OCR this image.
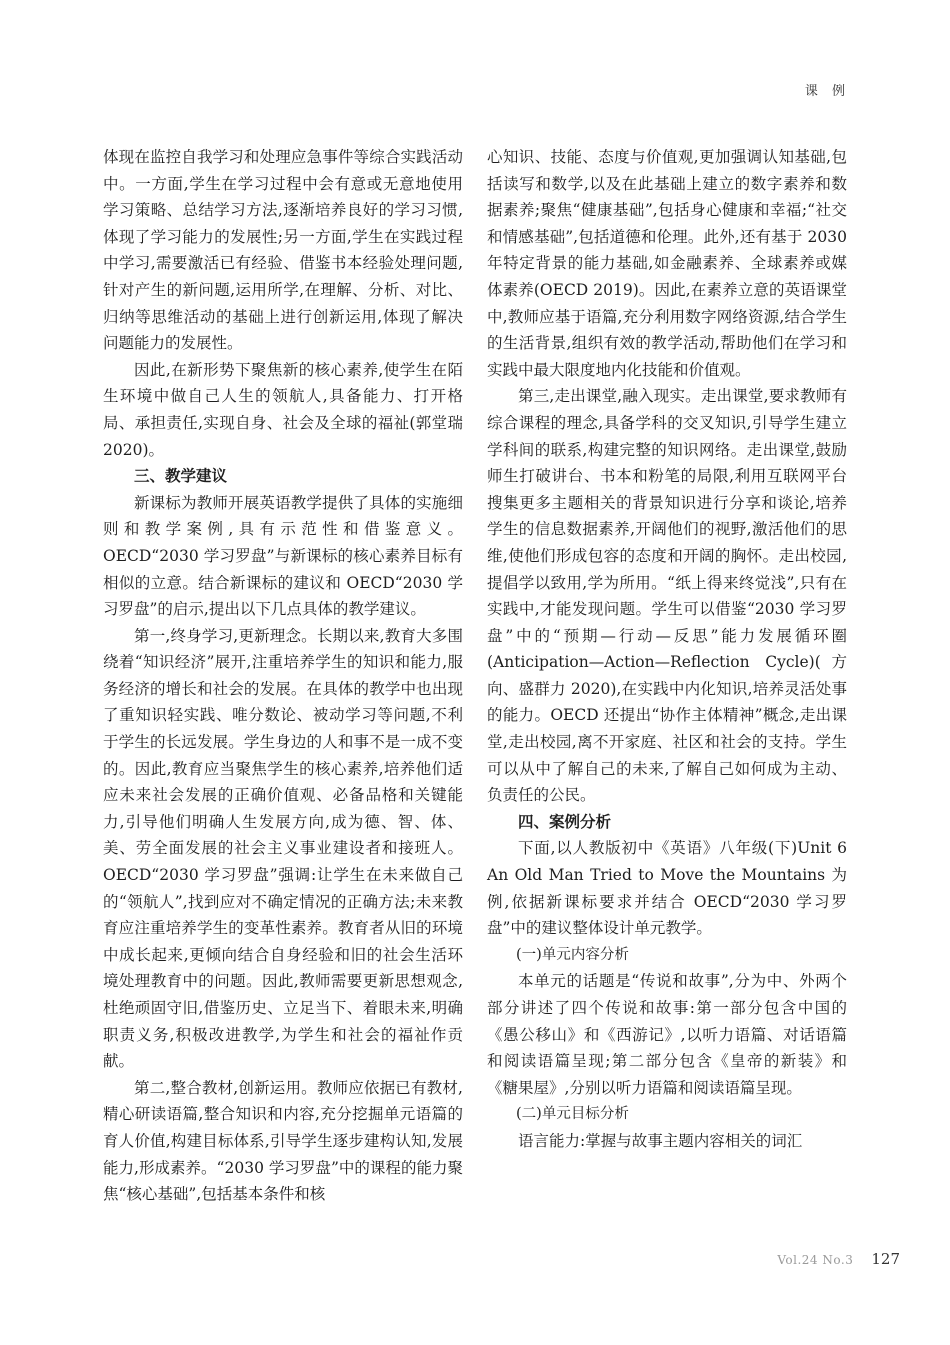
课 例

体现在监控自我学习和处理应急事件等综合实践活动中。一方面,学生在学习过程中会有意或无意地使用学习策略、总结学习方法,逐渐培养良好的学习习惯,体现了学习能力的发展性;另一方面,学生在实践过程中学习,需要激活已有经验、借鉴书本经验处理问题,针对产生的新问题,运用所学,在理解、分析、对比、归纳等思维活动的基础上进行创新运用,体现了解决问题能力的发展性。

因此,在新形势下聚焦新的核心素养,使学生在陌生环境中做自己人生的领航人,具备能力、打开格局、承担责任,实现自身、社会及全球的福祉(郭堂瑞 2020)。

三、教学建议

新课标为教师开展英语教学提供了具体的实施细则和教学案例,具有示范性和借鉴意义。OECD“2030 学习罗盘”与新课标的核心素养目标有相似的立意。结合新课标的建议和 OECD“2030 学习罗盘”的启示,提出以下几点具体的教学建议。

第一,终身学习,更新理念。长期以来,教育大多围绕着“知识经济”展开,注重培养学生的知识和能力,服务经济的增长和社会的发展。在具体的教学中也出现了重知识轻实践、唯分数论、被动学习等问题,不利于学生的长远发展。学生身边的人和事不是一成不变的。因此,教育应当聚焦学生的核心素养,培养他们适应未来社会发展的正确价值观、必备品格和关键能力,引导他们明确人生发展方向,成为德、智、体、美、劳全面发展的社会主义事业建设者和接班人。OECD“2030 学习罗盘”强调:让学生在未来做自己的“领航人”,找到应对不确定情况的正确方法;未来教育应注重培养学生的变革性素养。教育者从旧的环境中成长起来,更倾向结合自身经验和旧的社会生活环境处理教育中的问题。因此,教师需要更新思想观念,杜绝顽固守旧,借鉴历史、立足当下、着眼未来,明确职责义务,积极改进教学,为学生和社会的福祉作贡献。

第二,整合教材,创新运用。教师应依据已有教材,精心研读语篇,整合知识和内容,充分挖掘单元语篇的育人价值,构建目标体系,引导学生逐步建构认知,发展能力,形成素养。“2030 学习罗盘”中的课程的能力聚焦“核心基础”,包括基本条件和核

心知识、技能、态度与价值观,更加强调认知基础,包括读写和数学,以及在此基础上建立的数字素养和数据素养;聚焦“健康基础”,包括身心健康和幸福;“社交和情感基础”,包括道德和伦理。此外,还有基于 2030 年特定背景的能力基础,如金融素养、全球素养或媒体素养(OECD 2019)。因此,在素养立意的英语课堂中,教师应基于语篇,充分利用数字网络资源,结合学生的生活背景,组织有效的教学活动,帮助他们在学习和实践中最大限度地内化技能和价值观。

第三,走出课堂,融入现实。走出课堂,要求教师有综合课程的理念,具备学科的交叉知识,引导学生建立学科间的联系,构建完整的知识网络。走出课堂,鼓励师生打破讲台、书本和粉笔的局限,利用互联网平台搜集更多主题相关的背景知识进行分享和谈论,培养学生的信息数据素养,开阔他们的视野,激活他们的思维,使他们形成包容的态度和开阔的胸怀。走出校园,提倡学以致用,学为所用。“纸上得来终觉浅”,只有在实践中,才能发现问题。学生可以借鉴“2030 学习罗盘”中的“预期—行动—反思”能力发展循环圈(Anticipation—Action—Reflection Cycle)(方向、盛群力 2020),在实践中内化知识,培养灵活处事的能力。OECD 还提出“协作主体精神”概念,走出课堂,走出校园,离不开家庭、社区和社会的支持。学生可以从中了解自己的未来,了解自己如何成为主动、负责任的公民。

四、案例分析

下面,以人教版初中《英语》八年级(下)Unit 6 An Old Man Tried to Move the Mountains 为例,依据新课标要求并结合 OECD“2030 学习罗盘”中的建议整体设计单元教学。

(一)单元内容分析

本单元的话题是“传说和故事”,分为中、外两个部分讲述了四个传说和故事:第一部分包含中国的《愚公移山》和《西游记》,以听力语篇、对话语篇和阅读语篇呈现;第二部分包含《皇帝的新装》和《糖果屋》,分别以听力语篇和阅读语篇呈现。

(二)单元目标分析

语言能力:掌握与故事主题内容相关的词汇

Vol.24 No.3 127
